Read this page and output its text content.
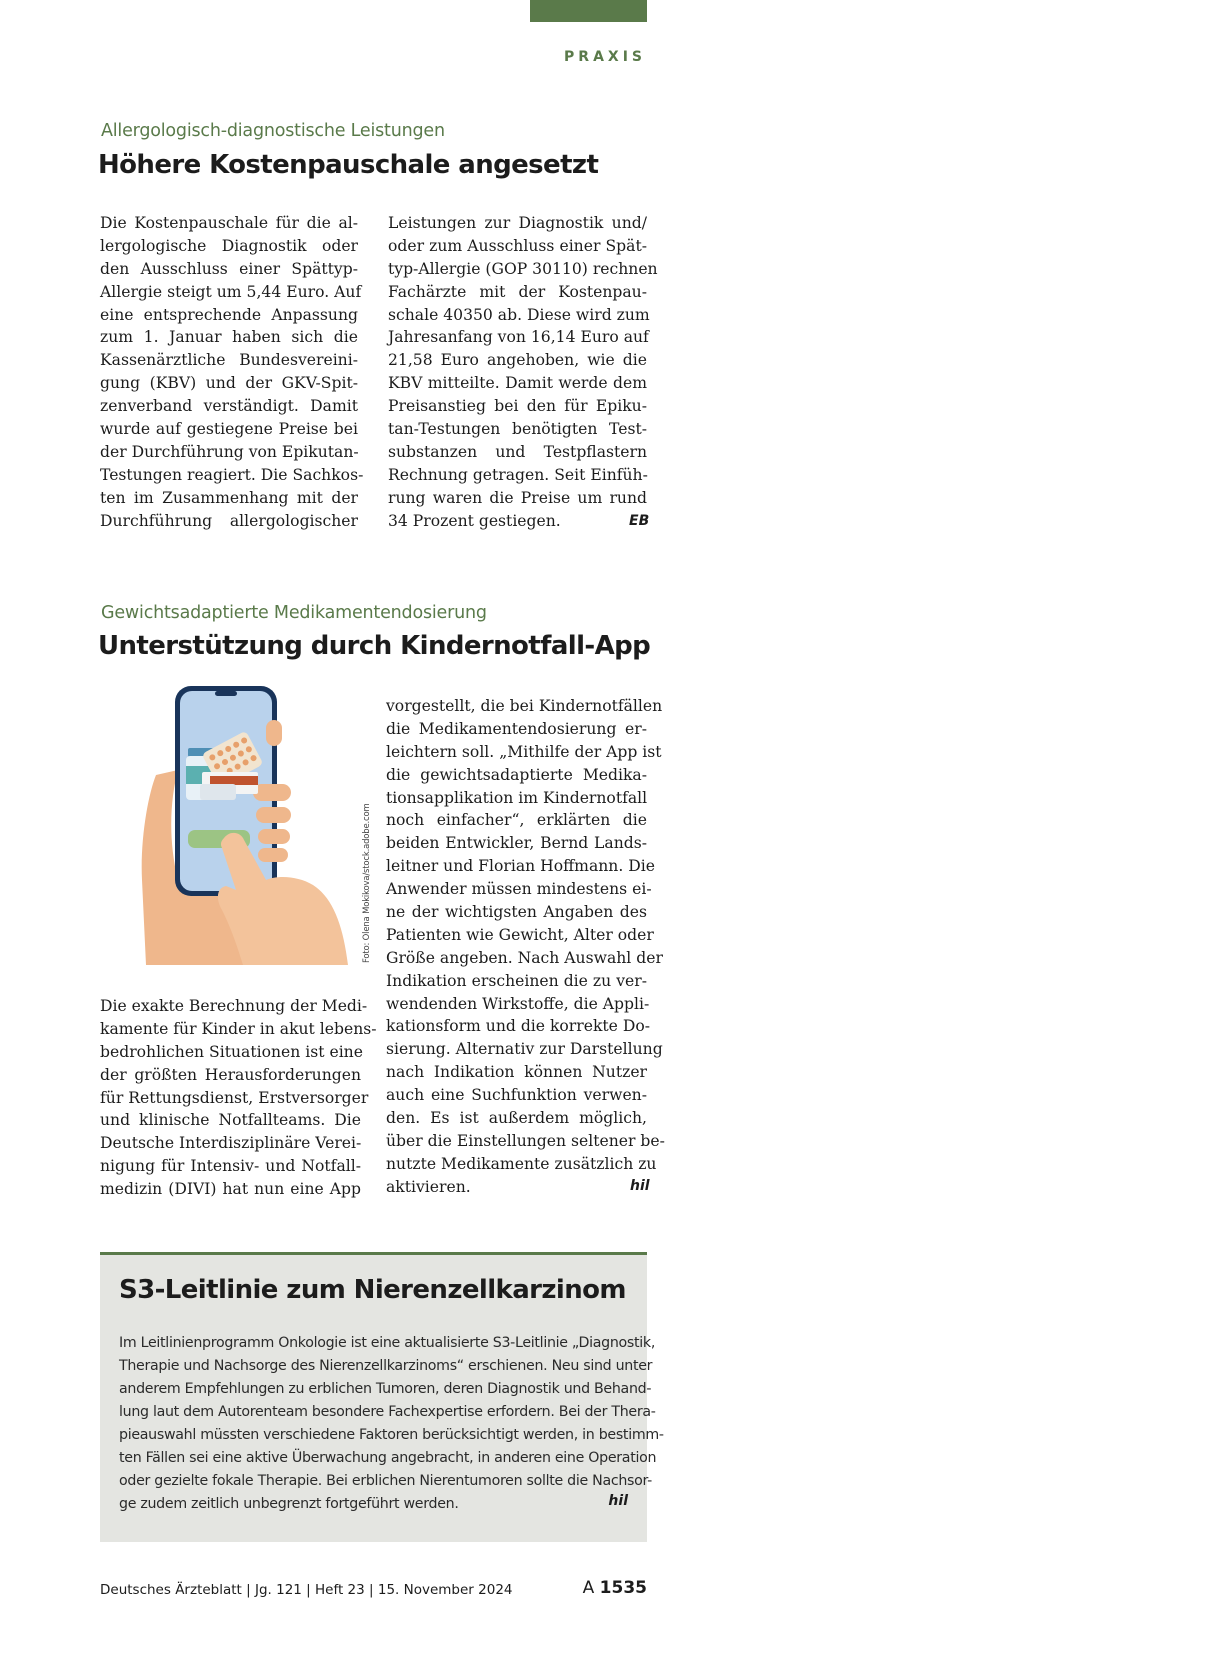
PRAXIS
Allergologisch-diagnostische Leistungen
Höhere Kostenpauschale angesetzt
Die Kostenpauschale für die al-
lergologische Diagnostik oder
den Ausschluss einer Spättyp-
Allergie steigt um 5,44 Euro. Auf
eine entsprechende Anpassung
zum 1. Januar haben sich die
Kassenärztliche Bundesvereini-
gung (KBV) und der GKV-Spit-
zenverband verständigt. Damit
wurde auf gestiegene Preise bei
der Durchführung von Epikutan-
Testungen reagiert. Die Sachkos-
ten im Zusammenhang mit der
Durchführung allergologischer
Leistungen zur Diagnostik und/
oder zum Ausschluss einer Spät-
typ-Allergie (GOP 30110) rechnen
Fachärzte mit der Kostenpau-
schale 40350 ab. Diese wird zum
Jahresanfang von 16,14 Euro auf
21,58 Euro angehoben, wie die
KBV mitteilte. Damit werde dem
Preisanstieg bei den für Epiku-
tan-Testungen benötigten Test-
substanzen und Testpflastern
Rechnung getragen. Seit Einfüh-
rung waren die Preise um rund
34 Prozent gestiegen.	EB
Gewichtsadaptierte Medikamentendosierung
Unterstützung durch Kindernotfall-App
Foto: Olena Mokikova/stock.adobe.com
Die exakte Berechnung der Medi-
kamente für Kinder in akut lebens-
bedrohlichen Situationen ist eine
der größten Herausforderungen
für Rettungsdienst, Erstversorger
und klinische Notfallteams. Die
Deutsche Interdisziplinäre Verei-
nigung für Intensiv- und Notfall-
medizin (DIVI) hat nun eine App
vorgestellt, die bei Kindernotfällen
die Medikamentendosierung er-
leichtern soll. „Mithilfe der App ist
die gewichtsadaptierte Medika-
tionsapplikation im Kindernotfall
noch einfacher“, erklärten die
beiden Entwickler, Bernd Lands-
leitner und Florian Hoffmann. Die
Anwender müssen mindestens ei-
ne der wichtigsten Angaben des
Patienten wie Gewicht, Alter oder
Größe angeben. Nach Auswahl der
Indikation erscheinen die zu ver-
wendenden Wirkstoffe, die Appli-
kationsform und die korrekte Do-
sierung. Alternativ zur Darstellung
nach Indikation können Nutzer
auch eine Suchfunktion verwen-
den. Es ist außerdem möglich,
über die Einstellungen seltener be-
nutzte Medikamente zusätzlich zu
aktivieren.	hil
S3-Leitlinie zum Nierenzellkarzinom
Im Leitlinienprogramm Onkologie ist eine aktualisierte S3-Leitlinie „Diagnostik,
Therapie und Nachsorge des Nierenzellkarzinoms“ erschienen. Neu sind unter
anderem Empfehlungen zu erblichen Tumoren, deren Diagnostik und Behand-
lung laut dem Autorenteam besondere Fachexpertise erfordern. Bei der Thera-
pieauswahl müssten verschiedene Faktoren berücksichtigt werden, in bestimm-
ten Fällen sei eine aktive Überwachung angebracht, in anderen eine Operation
oder gezielte fokale Therapie. Bei erblichen Nierentumoren sollte die Nachsor-
ge zudem zeitlich unbegrenzt fortgeführt werden.	hil
Deutsches Ärzteblatt | Jg. 121 | Heft 23 | 15. November 2024	A 1535
